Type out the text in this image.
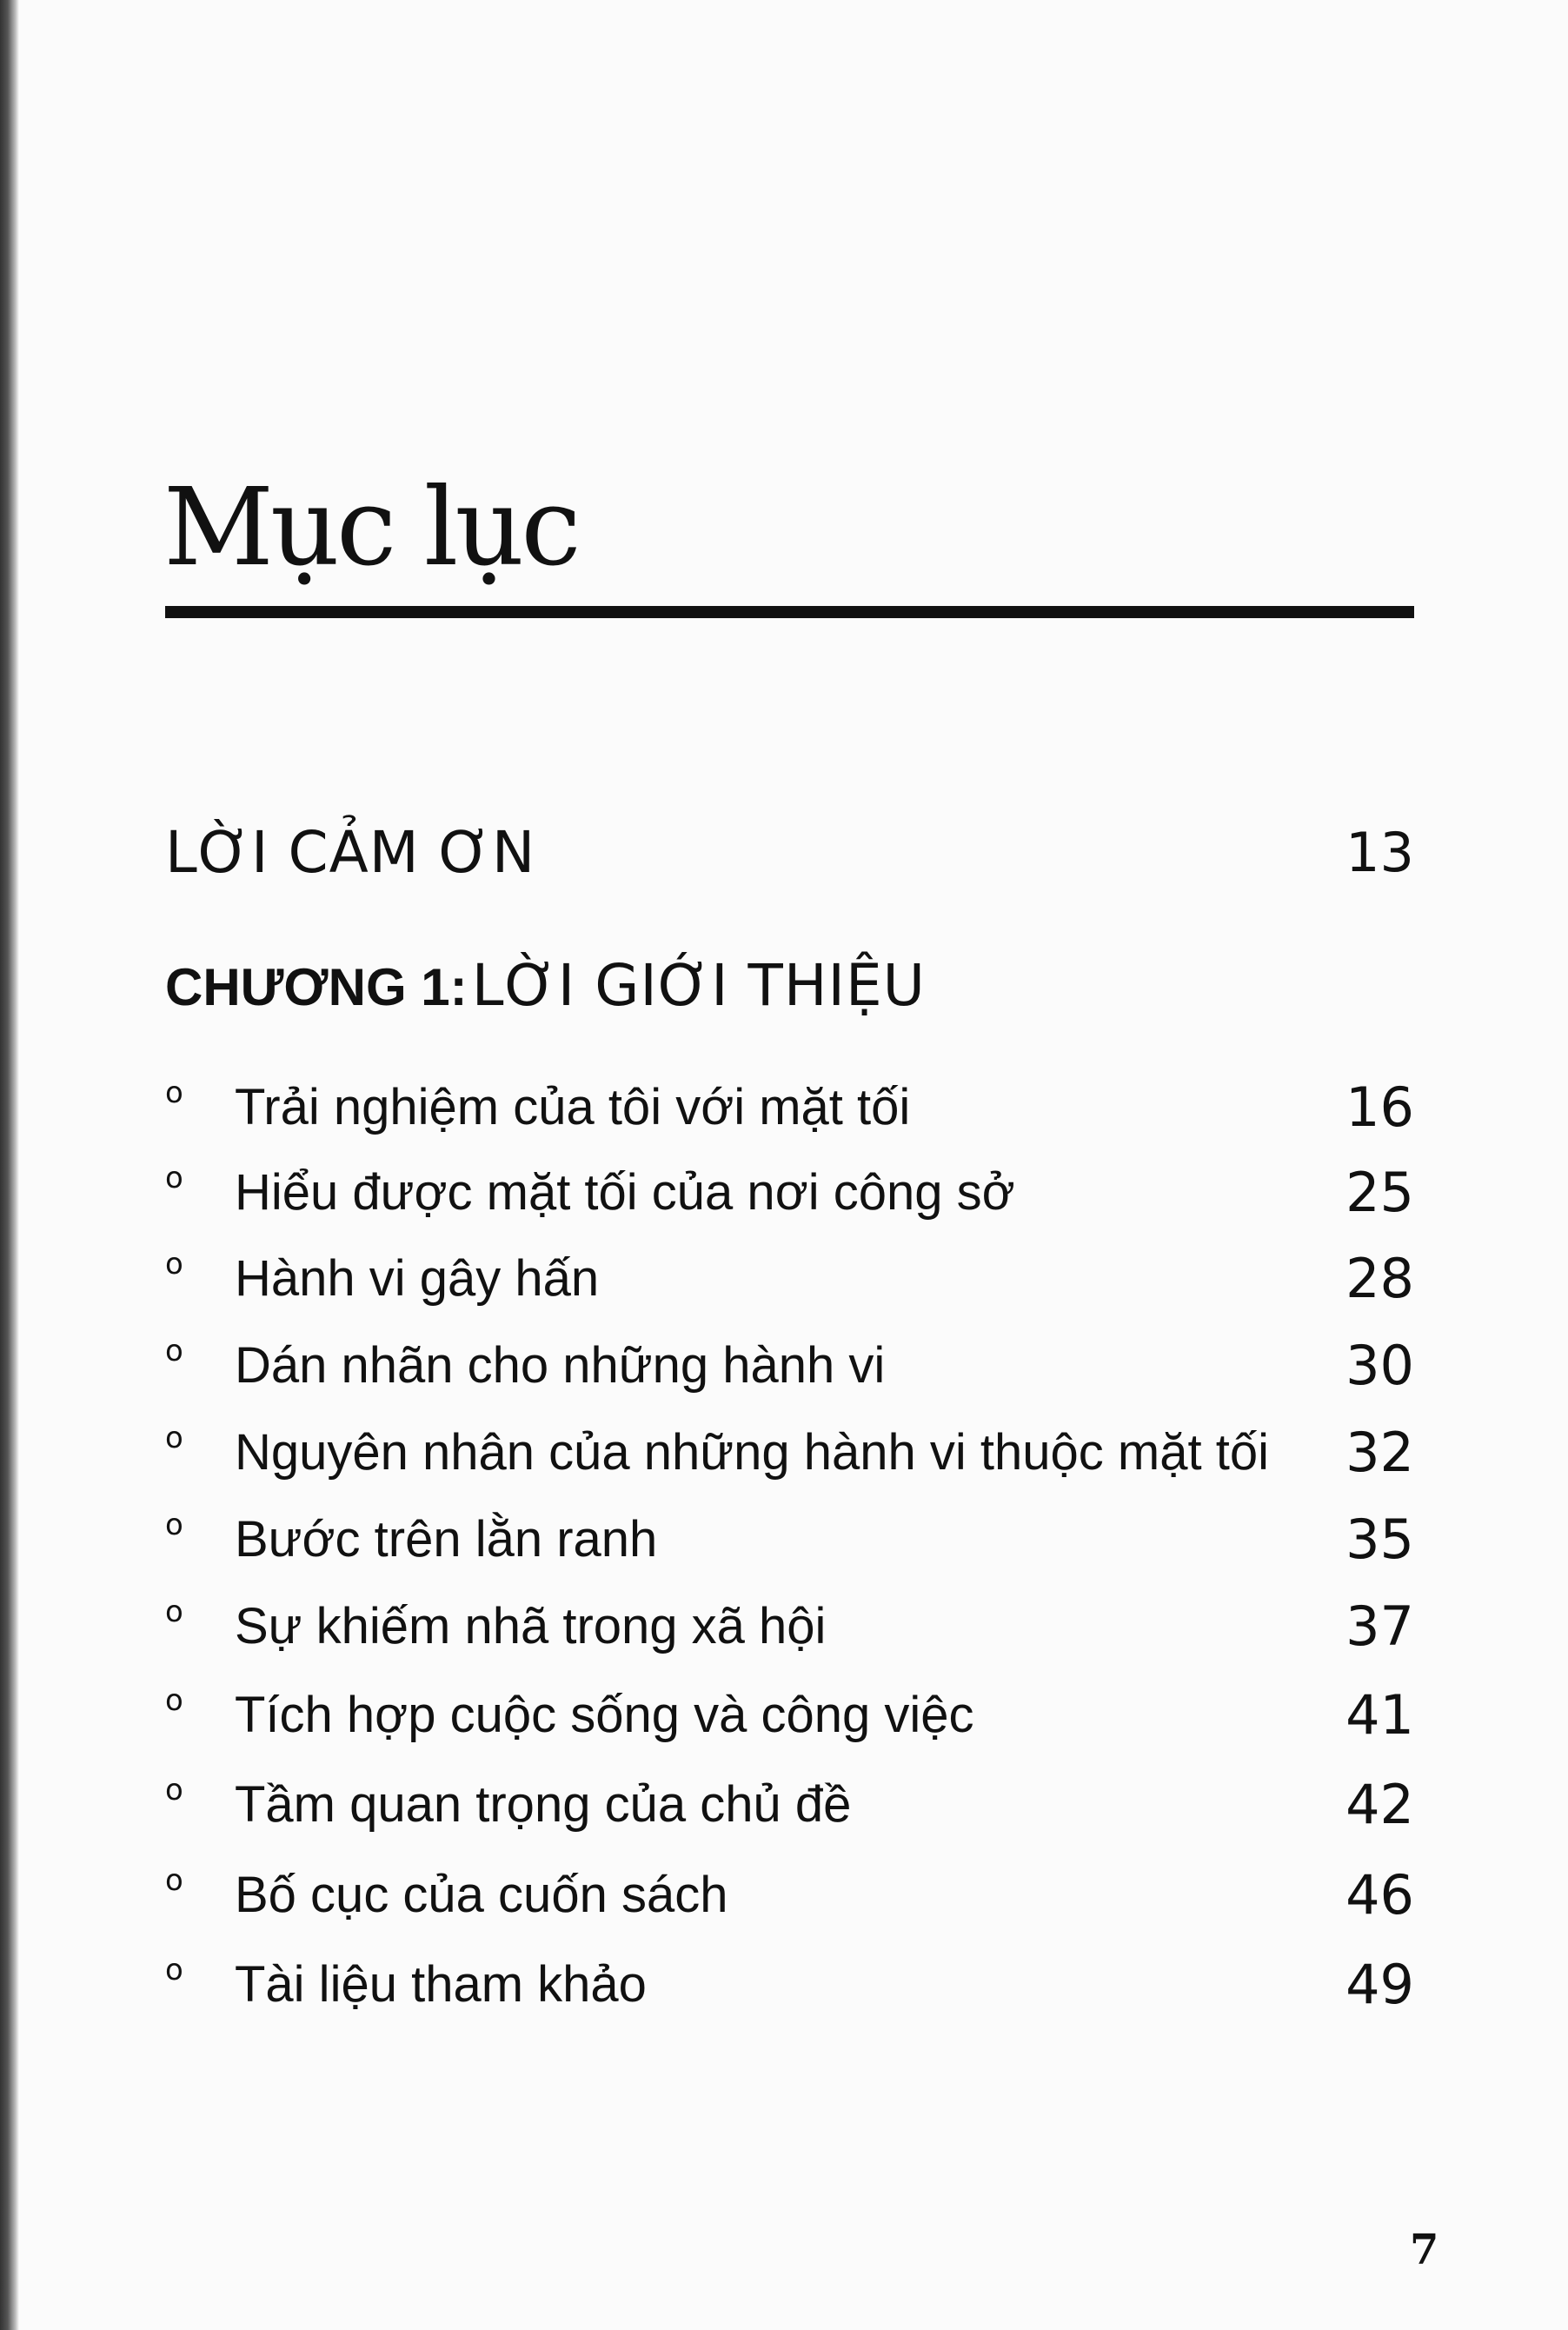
Mục lục
LỜI CẢM ƠN	13
CHƯƠNG 1: LỜI GIỚI THIỆU
o	Trải nghiệm của tôi với mặt tối	16
o	Hiểu được mặt tối của nơi công sở	25
o	Hành vi gây hấn	28
o	Dán nhãn cho những hành vi	30
o	Nguyên nhân của những hành vi thuộc mặt tối	32
o	Bước trên lằn ranh	35
o	Sự khiếm nhã trong xã hội	37
o	Tích hợp cuộc sống và công việc	41
o	Tầm quan trọng của chủ đề	42
o	Bố cục của cuốn sách	46
o	Tài liệu tham khảo	49
7
